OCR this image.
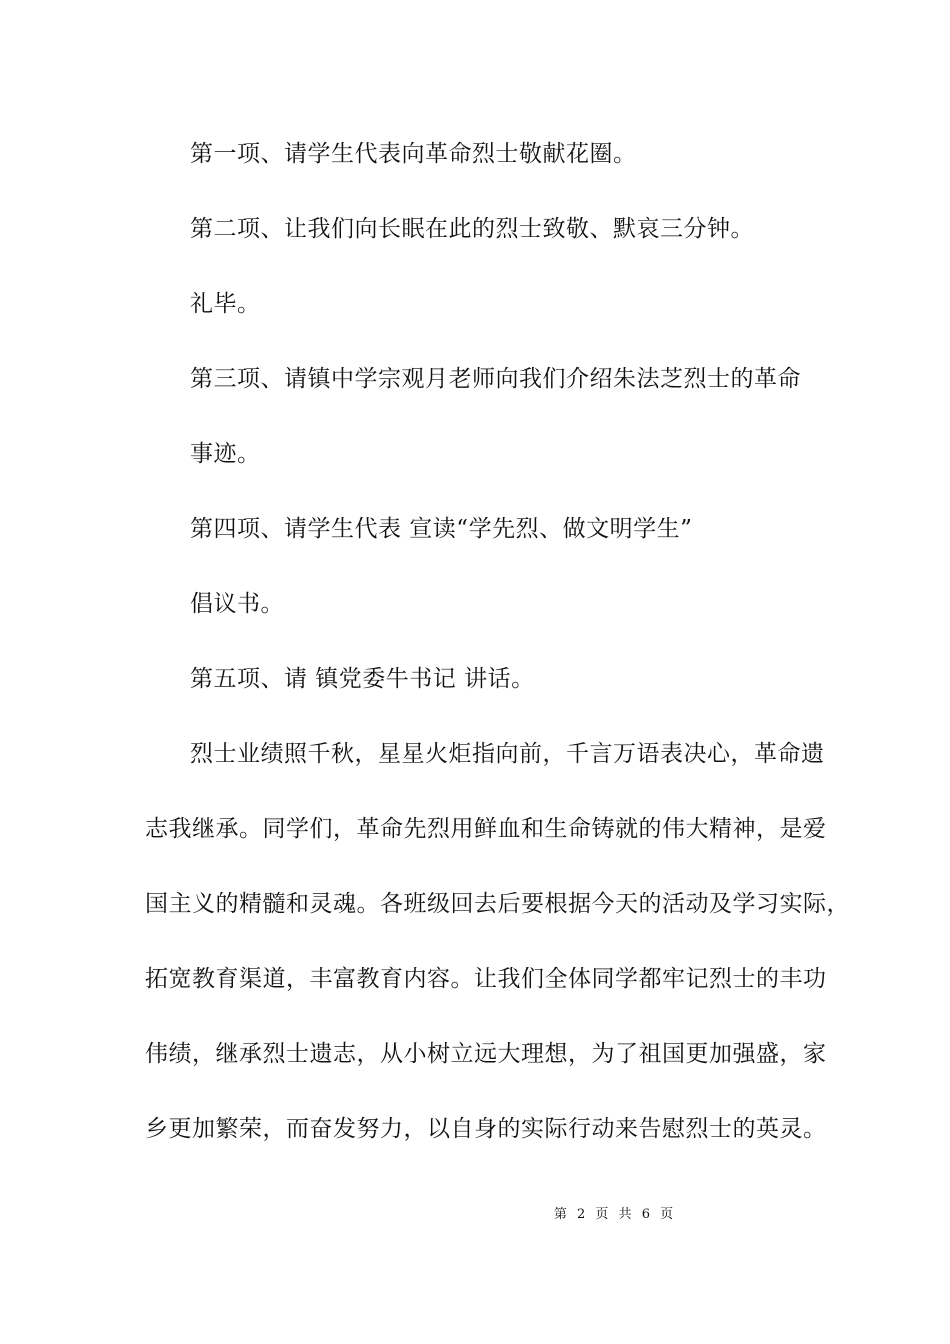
第一项、请学生代表向革命烈士敬献花圈。
第二项、让我们向长眠在此的烈士致敬、默哀三分钟。
礼毕。
第三项、请镇中学宗观月老师向我们介绍朱法芝烈士的革命
事迹。
第四项、请学生代表 宣读“学先烈、做文明学生”
倡议书。
第五项、请 镇党委牛书记 讲话。
烈士业绩照千秋，星星火炬指向前，千言万语表决心，革命遗
志我继承。同学们，革命先烈用鲜血和生命铸就的伟大精神，是爱
国主义的精髓和灵魂。各班级回去后要根据今天的活动及学习实际，
拓宽教育渠道，丰富教育内容。让我们全体同学都牢记烈士的丰功
伟绩，继承烈士遗志，从小树立远大理想，为了祖国更加强盛，家
乡更加繁荣，而奋发努力，以自身的实际行动来告慰烈士的英灵。
第 2 页 共 6 页
